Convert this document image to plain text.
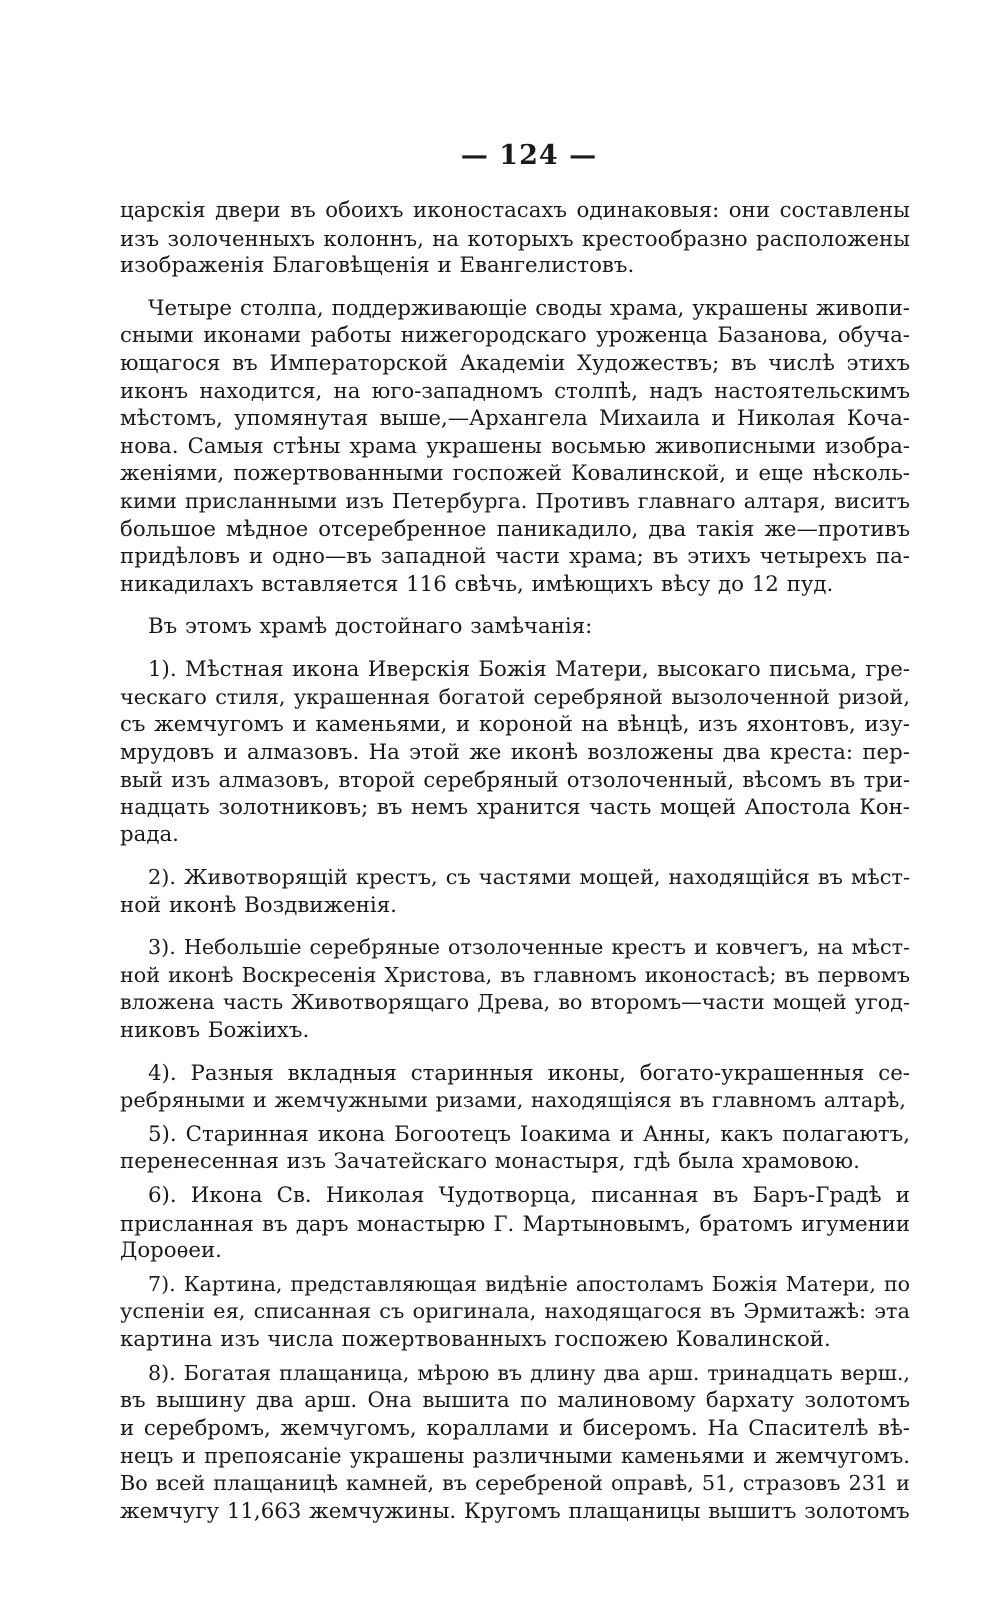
— 124 —
царскія двери въ обоихъ иконостасахъ одинаковыя: они составлены
изъ золоченныхъ колоннъ, на которыхъ крестообразно расположены
изображенія Благовѣщенія и Евангелистовъ.
Четыре столпа, поддерживающіе своды храма, украшены живопи-
сными иконами работы нижегородскаго уроженца Базанова, обуча-
ющагося въ Императорской Академіи Художествъ; въ числѣ этихъ
иконъ находится, на юго-западномъ столпѣ, надъ настоятельскимъ
мѣстомъ, упомянутая выше,—Архангела Михаила и Николая Коча-
нова. Самыя стѣны храма украшены восьмью живописными изобра-
женіями, пожертвованными госпожей Ковалинской, и еще нѣсколь-
кими присланными изъ Петербурга. Противъ главнаго алтаря, виситъ
большое мѣдное отсеребренное паникадило, два такія же—противъ
придѣловъ и одно—въ западной части храма; въ этихъ четырехъ па-
никадилахъ вставляется 116 свѣчь, имѣющихъ вѣсу до 12 пуд.
Въ этомъ храмѣ достойнаго замѣчанія:
1). Мѣстная икона Иверскія Божія Матери, высокаго письма, гре-
ческаго стиля, украшенная богатой серебряной вызолоченной ризой,
съ жемчугомъ и каменьями, и короной на вѣнцѣ, изъ яхонтовъ, изу-
мрудовъ и алмазовъ. На этой же иконѣ возложены два креста: пер-
вый изъ алмазовъ, второй серебряный отзолоченный, вѣсомъ въ три-
надцать золотниковъ; въ немъ хранится часть мощей Апостола Кон-
рада.
2). Животворящій крестъ, съ частями мощей, находящійся въ мѣст-
ной иконѣ Воздвиженія.
3). Небольшіе серебряные отзолоченные крестъ и ковчегъ, на мѣст-
ной иконѣ Воскресенія Христова, въ главномъ иконостасѣ; въ первомъ
вложена часть Животворящаго Древа, во второмъ—части мощей угод-
никовъ Божіихъ.
4). Разныя вкладныя старинныя иконы, богато-украшенныя се-
ребряными и жемчужными ризами, находящіяся въ главномъ алтарѣ,
5). Старинная икона Богоотецъ Іоакима и Анны, какъ полагаютъ,
перенесенная изъ Зачатейскаго монастыря, гдѣ была храмовою.
6). Икона Св. Николая Чудотворца, писанная въ Баръ-Градѣ и
присланная въ даръ монастырю Г. Мартыновымъ, братомъ игумении
Дороѳеи.
7). Картина, представляющая видѣніе апостоламъ Божія Матери, по
успеніи ея, списанная съ оригинала, находящагося въ Эрмитажѣ: эта
картина изъ числа пожертвованныхъ госпожею Ковалинской.
8). Богатая плащаница, мѣрою въ длину два арш. тринадцать верш.,
въ вышину два арш. Она вышита по малиновому бархату золотомъ
и серебромъ, жемчугомъ, кораллами и бисеромъ. На Спасителѣ вѣ-
нецъ и препоясаніе украшены различными каменьями и жемчугомъ.
Во всей плащаницѣ камней, въ серебреной оправѣ, 51, стразовъ 231 и
жемчугу 11,663 жемчужины. Кругомъ плащаницы вышитъ золотомъ
